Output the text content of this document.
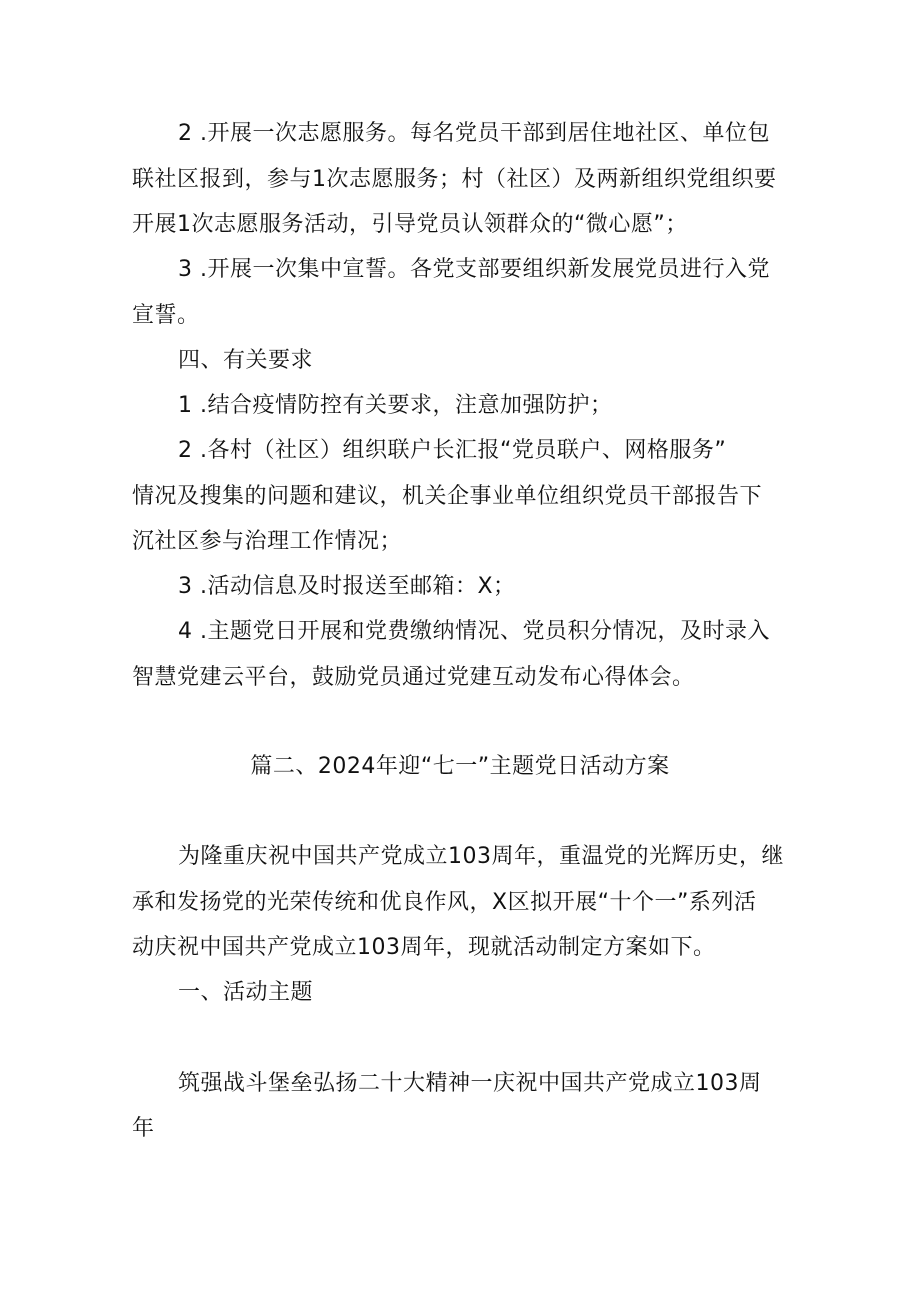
2 .开展一次志愿服务。每名党员干部到居住地社区、单位包
联社区报到，参与1次志愿服务；村（社区）及两新组织党组织要
开展1次志愿服务活动，引导党员认领群众的“微心愿”；
3 .开展一次集中宣誓。各党支部要组织新发展党员进行入党
宣誓。
四、有关要求
1 .结合疫情防控有关要求，注意加强防护；
2 .各村（社区）组织联户长汇报“党员联户、网格服务”
情况及搜集的问题和建议，机关企事业单位组织党员干部报告下
沉社区参与治理工作情况；
3 .活动信息及时报送至邮箱：X；
4 .主题党日开展和党费缴纳情况、党员积分情况，及时录入
智慧党建云平台，鼓励党员通过党建互动发布心得体会。
篇二、2024年迎“七一”主题党日活动方案
为隆重庆祝中国共产党成立103周年，重温党的光辉历史，继
承和发扬党的光荣传统和优良作风，X区拟开展“十个一”系列活
动庆祝中国共产党成立103周年，现就活动制定方案如下。
一、活动主题
筑强战斗堡垒弘扬二十大精神一庆祝中国共产党成立103周
年
